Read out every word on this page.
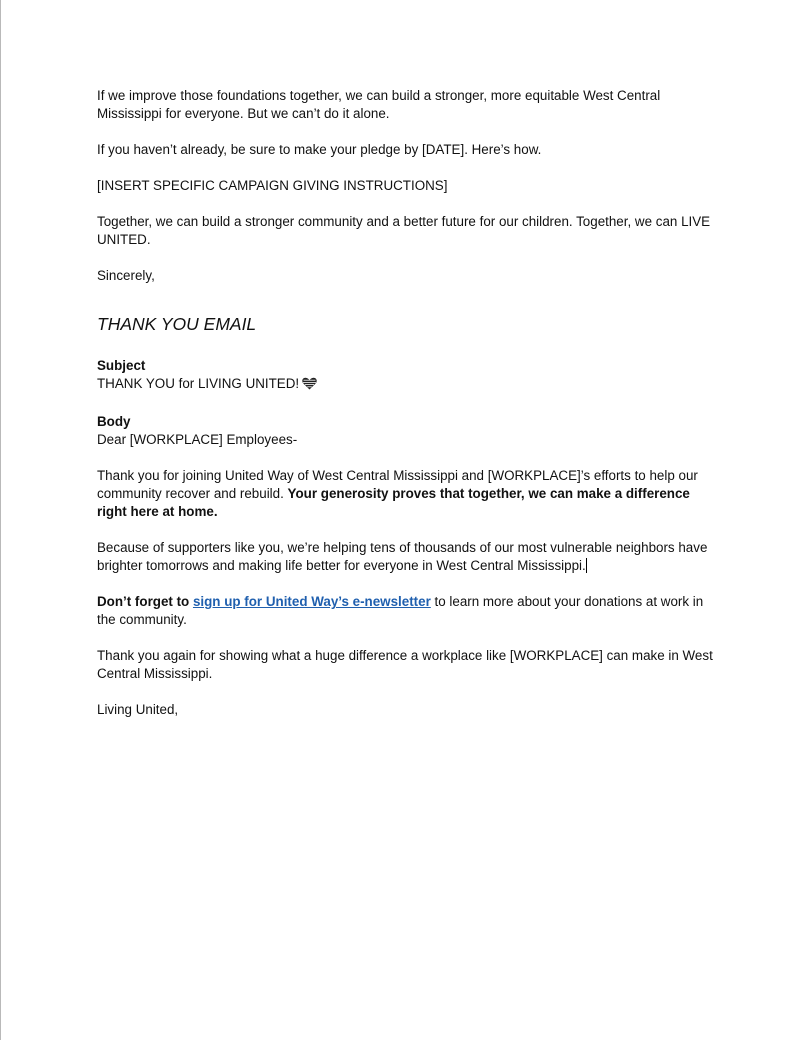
If we improve those foundations together, we can build a stronger, more equitable West Central Mississippi for everyone. But we can’t do it alone.

If you haven’t already, be sure to make your pledge by [DATE]. Here’s how.

[INSERT SPECIFIC CAMPAIGN GIVING INSTRUCTIONS]

Together, we can build a stronger community and a better future for our children. Together, we can LIVE UNITED.

Sincerely,

THANK YOU EMAIL
Subject
THANK YOU for LIVING UNITED!
Body
Dear [WORKPLACE] Employees-

Thank you for joining United Way of West Central Mississippi and [WORKPLACE]’s efforts to help our community recover and rebuild. Your generosity proves that together, we can make a difference right here at home.

Because of supporters like you, we’re helping tens of thousands of our most vulnerable neighbors have brighter tomorrows and making life better for everyone in West Central Mississippi.

Don’t forget to sign up for United Way’s e-newsletter to learn more about your donations at work in the community.

Thank you again for showing what a huge difference a workplace like [WORKPLACE] can make in West Central Mississippi.

Living United,
